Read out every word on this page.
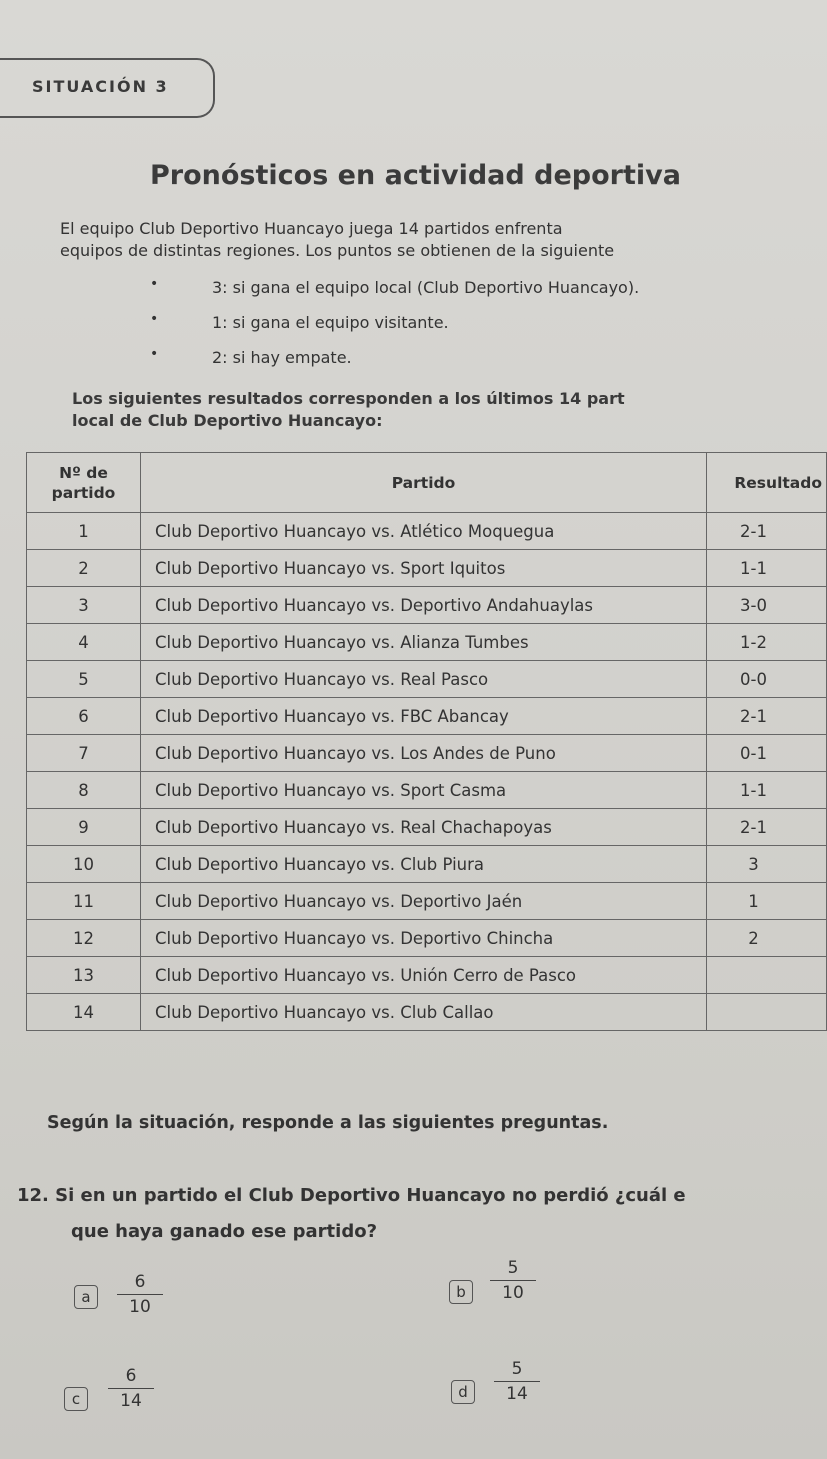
SITUACIÓN 3
Pronósticos en actividad deportiva
El equipo Club Deportivo Huancayo juega 14 partidos enfrenta
equipos de distintas regiones. Los puntos se obtienen de la siguiente
• 3: si gana el equipo local (Club Deportivo Huancayo).
• 1: si gana el equipo visitante.
• 2: si hay empate.
Los siguientes resultados corresponden a los últimos 14 part
local de Club Deportivo Huancayo:
Nº de
partido	Partido	Resultado
1	Club Deportivo Huancayo vs. Atlético Moquegua	2-1
2	Club Deportivo Huancayo vs. Sport Iquitos	1-1
3	Club Deportivo Huancayo vs. Deportivo Andahuaylas	3-0
4	Club Deportivo Huancayo vs. Alianza Tumbes	1-2
5	Club Deportivo Huancayo vs. Real Pasco	0-0
6	Club Deportivo Huancayo vs. FBC Abancay	2-1
7	Club Deportivo Huancayo vs. Los Andes de Puno	0-1
8	Club Deportivo Huancayo vs. Sport Casma	1-1
9	Club Deportivo Huancayo vs. Real Chachapoyas	2-1
10	Club Deportivo Huancayo vs. Club Piura	3
11	Club Deportivo Huancayo vs. Deportivo Jaén	1
12	Club Deportivo Huancayo vs. Deportivo Chincha	2
13	Club Deportivo Huancayo vs. Unión Cerro de Pasco	
14	Club Deportivo Huancayo vs. Club Callao	
Según la situación, responde a las siguientes preguntas.
12. Si en un partido el Club Deportivo Huancayo no perdió ¿cuál e
que haya ganado ese partido?
a	$\frac{6}{10}$	b	$\frac{5}{10}$
c	$\frac{6}{14}$	d	$\frac{5}{14}$
